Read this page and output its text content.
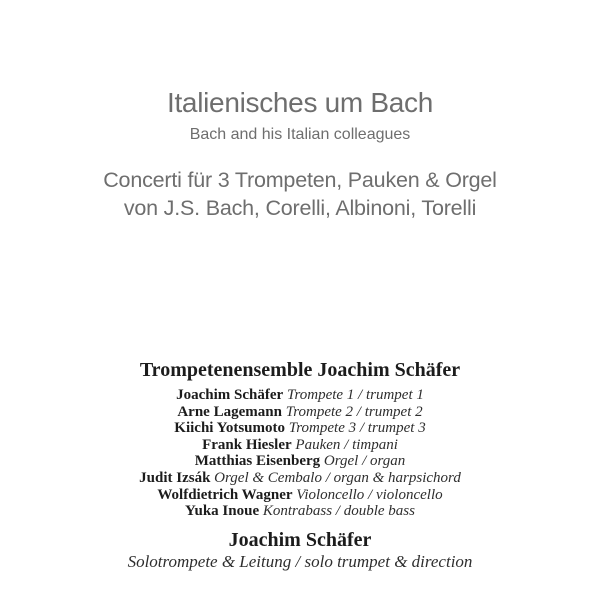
Italienisches um Bach

Bach and his Italian colleagues

Concerti für 3 Trompeten, Pauken & Orgel

von J.S. Bach, Corelli, Albinoni, Torelli

Trompetenensemble Joachim Schäfer
Joachim Schäfer Trompete 1 / trumpet 1
Arne Lagemann Trompete 2 / trumpet 2
Kiichi Yotsumoto Trompete 3 / trumpet 3
Frank Hiesler Pauken / timpani
Matthias Eisenberg Orgel / organ
Judit Izsák Orgel & Cembalo / organ & harpsichord
Wolfdietrich Wagner Violoncello / violoncello
Yuka Inoue Kontrabass / double bass
Joachim Schäfer

Solotrompete & Leitung / solo trumpet & direction
